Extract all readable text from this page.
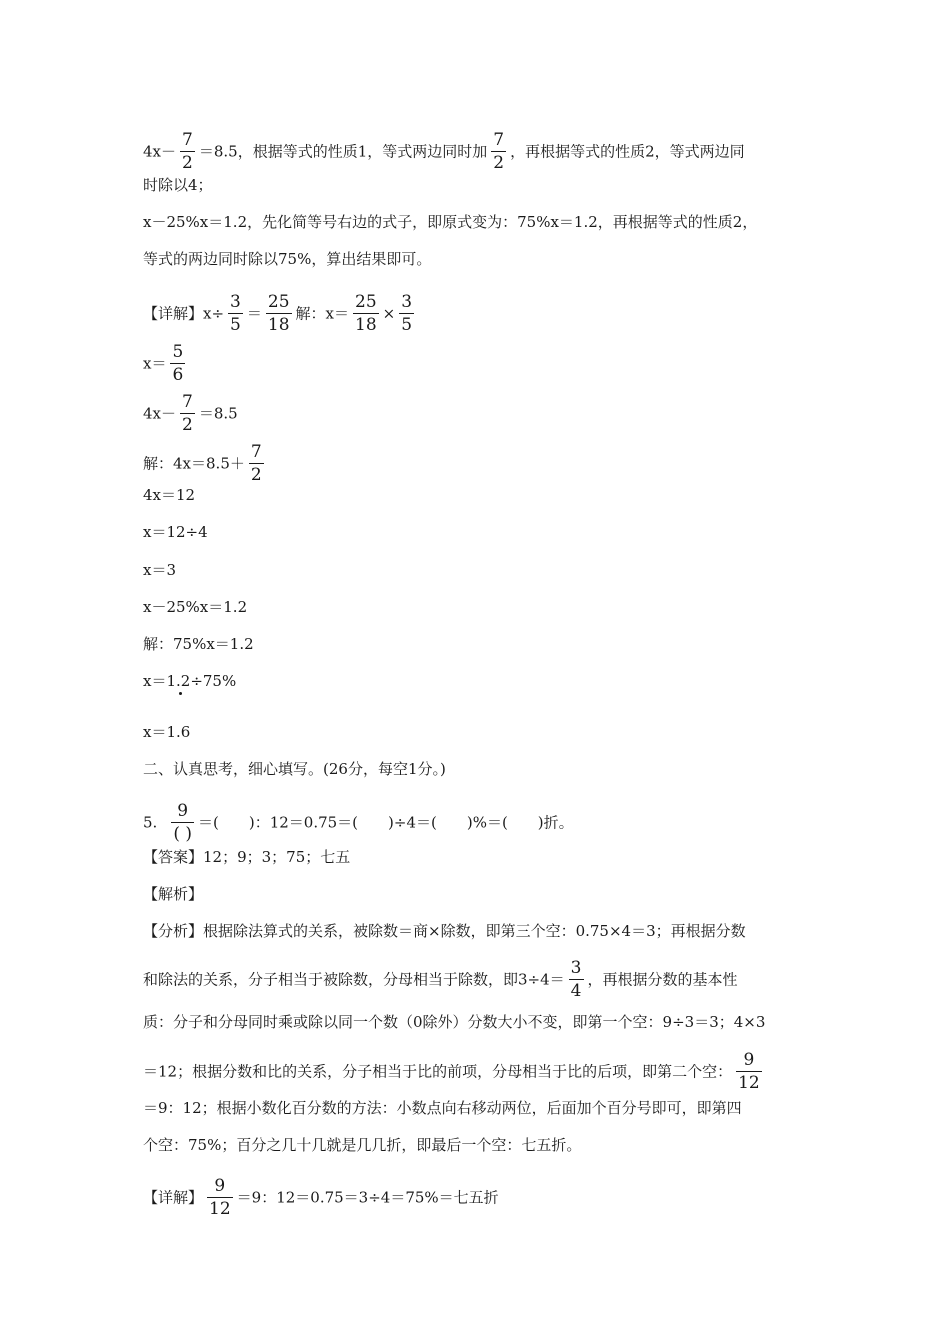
$4x- \frac{7}{2} =8.5$，根据等式的性质1，等式两边同时加 $\frac{7}{2}$ ，再根据等式的性质2，等式两边同
时除以4；
x－25%x＝1.2，先化简等号右边的式子，即原式变为：75%x＝1.2，再根据等式的性质2，
等式的两边同时除以75%，算出结果即可。
【详解】$x\div \frac{3}{5} = \frac{25}{18}$ 解：$x= \frac{25}{18} \times \frac{3}{5}$
$x= \frac{5}{6}$
$4x- \frac{7}{2} =8.5$
解：$4x=8.5+ \frac{7}{2}$
4x＝12
x＝12÷4
x＝3
x－25%x＝1.2
解：75%x＝1.2
x＝1.2÷75%
x＝1.6
二、认真思考，细心填写。(26分，每空1分。)
5.
9
( )
＝(　　)：12＝0.75＝(　　)÷4＝(　　)%＝(　　)折。
【答案】12；9；3；75；七五
【解析】
【分析】根据除法算式的关系，被除数＝商×除数，即第三个空：0.75×4＝3；再根据分数
和除法的关系，分子相当于被除数，分母相当于除数，即$3\div 4= \frac{3}{4}$ ，再根据分数的基本性
质：分子和分母同时乘或除以同一个数（0除外）分数大小不变，即第一个空：9÷3＝3；4×3
＝12；根据分数和比的关系，分子相当于比的前项，分母相当于比的后项，即第二个空： $\frac{9}{12}$
＝9：12；根据小数化百分数的方法：小数点向右移动两位，后面加个百分号即可，即第四
个空：75%；百分之几十几就是几几折，即最后一个空：七五折。
【详解】 $\frac{9}{12} =9$：12＝0.75＝3÷4＝75%＝七五折
